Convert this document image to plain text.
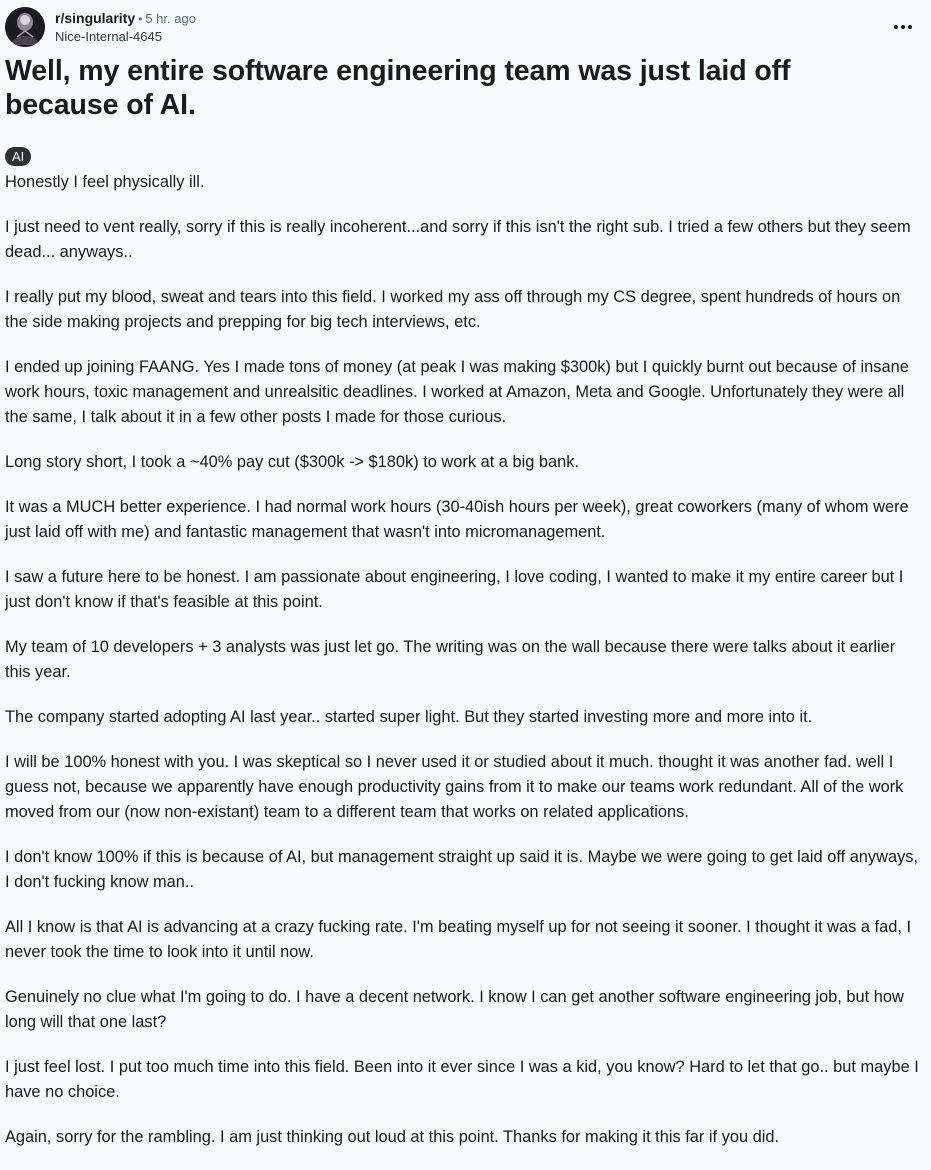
r/singularity • 5 hr. ago
Nice-Internal-4645
Well, my entire software engineering team was just laid off because of AI.
AI

Honestly I feel physically ill.

I just need to vent really, sorry if this is really incoherent...and sorry if this isn't the right sub. I tried a few others but they seem dead... anyways..

I really put my blood, sweat and tears into this field. I worked my ass off through my CS degree, spent hundreds of hours on the side making projects and prepping for big tech interviews, etc.

I ended up joining FAANG. Yes I made tons of money (at peak I was making $300k) but I quickly burnt out because of insane work hours, toxic management and unrealsitic deadlines. I worked at Amazon, Meta and Google. Unfortunately they were all the same, I talk about it in a few other posts I made for those curious.

Long story short, I took a ~40% pay cut ($300k -> $180k) to work at a big bank.

It was a MUCH better experience. I had normal work hours (30-40ish hours per week), great coworkers (many of whom were just laid off with me) and fantastic management that wasn't into micromanagement.

I saw a future here to be honest. I am passionate about engineering, I love coding, I wanted to make it my entire career but I just don't know if that's feasible at this point.

My team of 10 developers + 3 analysts was just let go. The writing was on the wall because there were talks about it earlier this year.

The company started adopting AI last year.. started super light. But they started investing more and more into it.

I will be 100% honest with you. I was skeptical so I never used it or studied about it much. thought it was another fad. well I guess not, because we apparently have enough productivity gains from it to make our teams work redundant. All of the work moved from our (now non-existant) team to a different team that works on related applications.

I don't know 100% if this is because of AI, but management straight up said it is. Maybe we were going to get laid off anyways, I don't fucking know man..

All I know is that AI is advancing at a crazy fucking rate. I'm beating myself up for not seeing it sooner. I thought it was a fad, I never took the time to look into it until now.

Genuinely no clue what I'm going to do. I have a decent network. I know I can get another software engineering job, but how long will that one last?

I just feel lost. I put too much time into this field. Been into it ever since I was a kid, you know? Hard to let that go.. but maybe I have no choice.

Again, sorry for the rambling. I am just thinking out loud at this point. Thanks for making it this far if you did.
